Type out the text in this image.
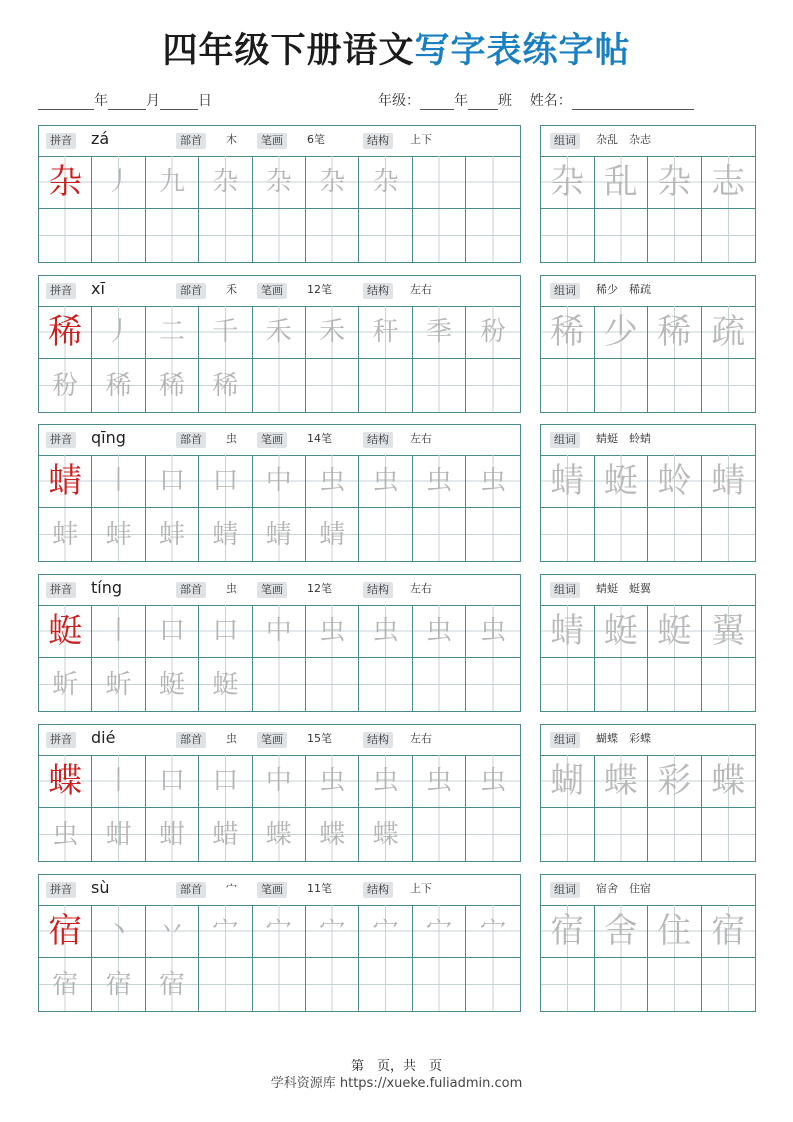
四年级下册语文写字表练字帖
年	月	日	年级： 年 班 姓名：
拼音 zá	部首	木	笔画	6笔	结构	上下
杂 丿 九 杂 杂 杂 杂
组词	杂乱　杂志
杂 乱 杂 志
拼音 xī	部首	禾	笔画	12笔	结构	左右
稀 丿 二 千 禾 禾 秆 秊 秎
秎 稀 稀 稀
组词	稀少　稀疏
稀 少 稀 疏
拼音 qīng	部首	虫	笔画	14笔	结构	左右
蜻 丨 口 口 中 虫 虫 虫 虫
蚌 蚌 蚌 蜻 蜻 蜻
组词	蜻蜓　蛉蜻
蜻 蜓 蛉 蜻
拼音 tíng	部首	虫	笔画	12笔	结构	左右
蜓 丨 口 口 中 虫 虫 虫 虫
蚚 蚚 蜓 蜓
组词	蜻蜓　蜓翼
蜻 蜓 蜓 翼
拼音 dié	部首	虫	笔画	15笔	结构	左右
蝶 丨 口 口 中 虫 虫 虫 虫
虫 蚶 蚶 蜡 蝶 蝶 蝶
组词	蝴蝶　彩蝶
蝴 蝶 彩 蝶
拼音 sù	部首	宀	笔画	11笔	结构	上下
宿 丶 丷 宀 宀 宀 宀 宀 宀
宿 宿 宿
组词	宿舍　住宿
宿 舍 住 宿
第　页，共　页
学科资源库 https://xueke.fuliadmin.com
